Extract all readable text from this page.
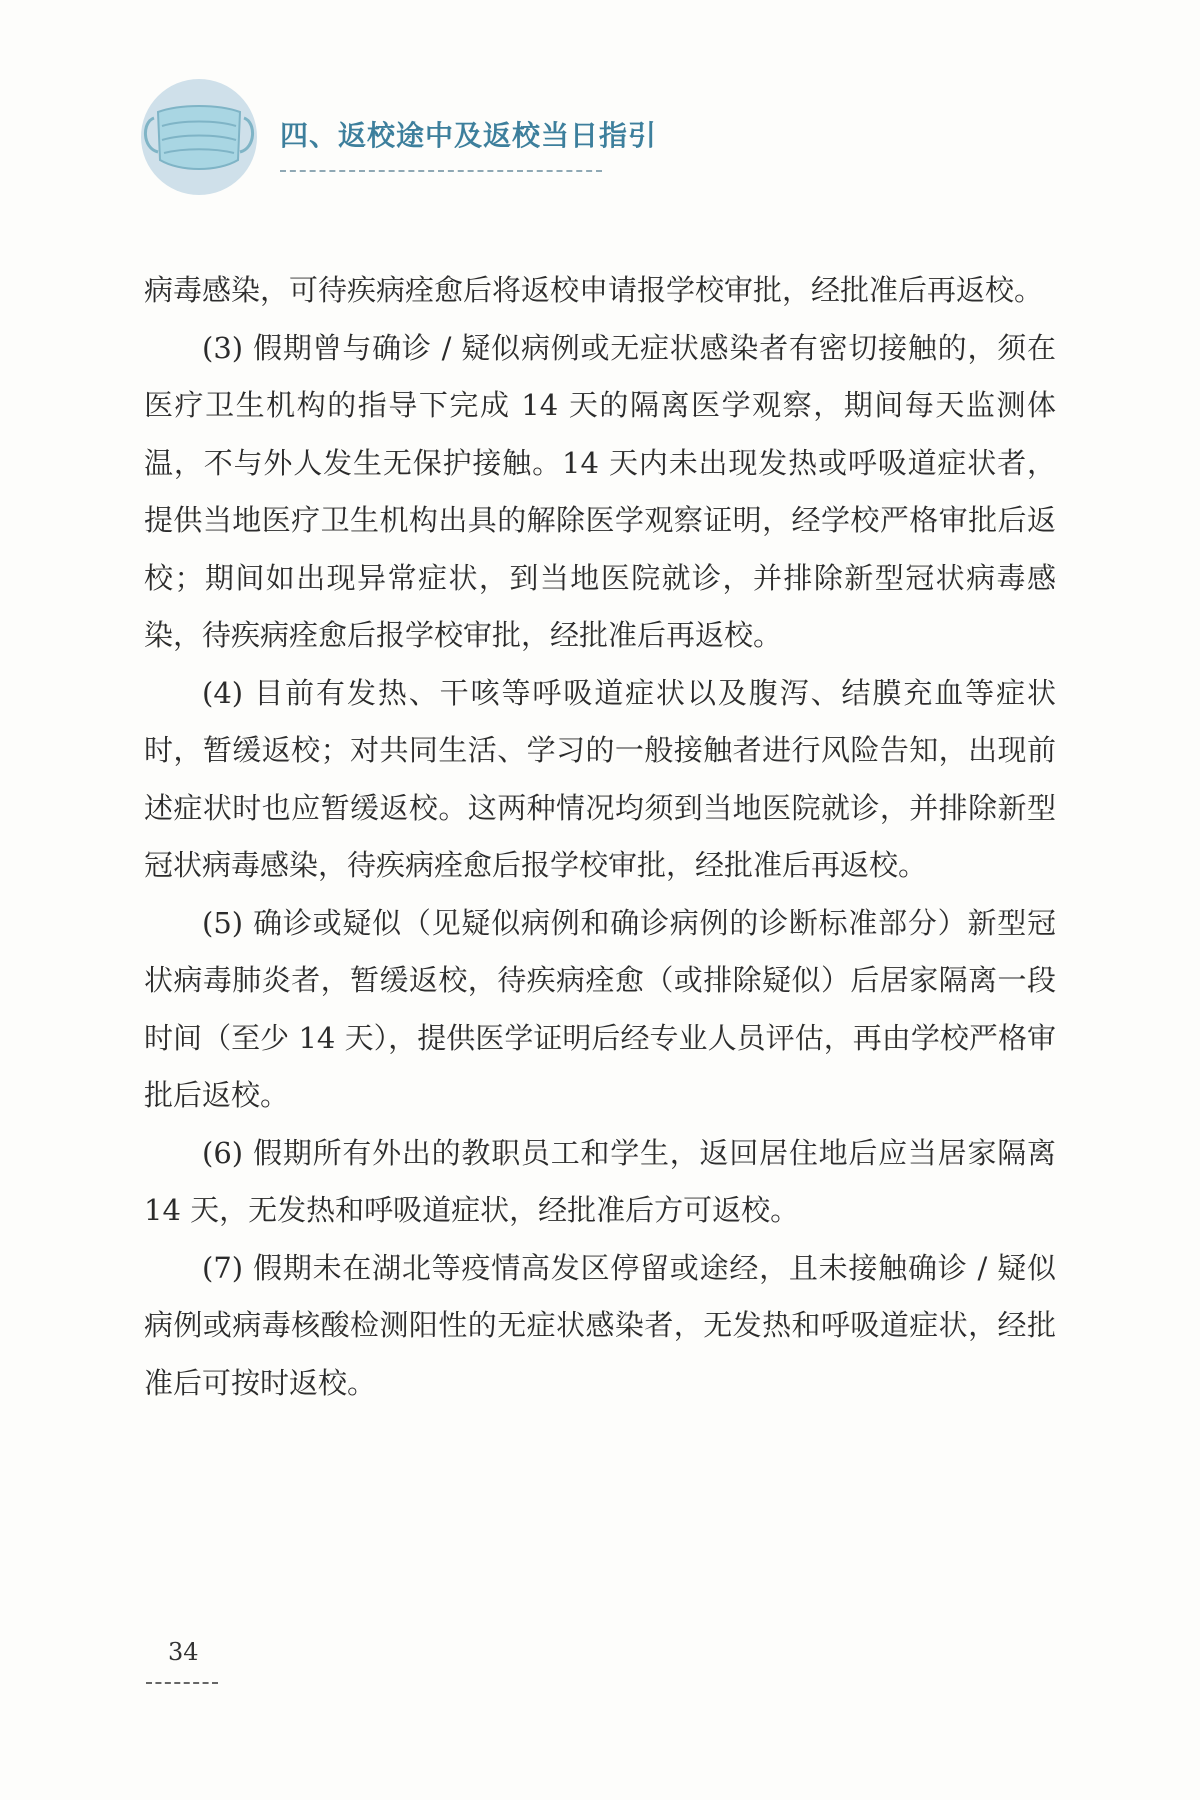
四、返校途中及返校当日指引

病毒感染，可待疾病痊愈后将返校申请报学校审批，经批准后再返校。

(3) 假期曾与确诊 / 疑似病例或无症状感染者有密切接触的，须在医疗卫生机构的指导下完成 14 天的隔离医学观察，期间每天监测体温，不与外人发生无保护接触。14 天内未出现发热或呼吸道症状者，提供当地医疗卫生机构出具的解除医学观察证明，经学校严格审批后返校；期间如出现异常症状，到当地医院就诊，并排除新型冠状病毒感染，待疾病痊愈后报学校审批，经批准后再返校。

(4) 目前有发热、干咳等呼吸道症状以及腹泻、结膜充血等症状时，暂缓返校；对共同生活、学习的一般接触者进行风险告知，出现前述症状时也应暂缓返校。这两种情况均须到当地医院就诊，并排除新型冠状病毒感染，待疾病痊愈后报学校审批，经批准后再返校。

(5) 确诊或疑似（见疑似病例和确诊病例的诊断标准部分）新型冠状病毒肺炎者，暂缓返校，待疾病痊愈（或排除疑似）后居家隔离一段时间（至少 14 天），提供医学证明后经专业人员评估，再由学校严格审批后返校。

(6) 假期所有外出的教职员工和学生，返回居住地后应当居家隔离 14 天，无发热和呼吸道症状，经批准后方可返校。

(7) 假期未在湖北等疫情高发区停留或途经，且未接触确诊 / 疑似病例或病毒核酸检测阳性的无症状感染者，无发热和呼吸道症状，经批准后可按时返校。

34
